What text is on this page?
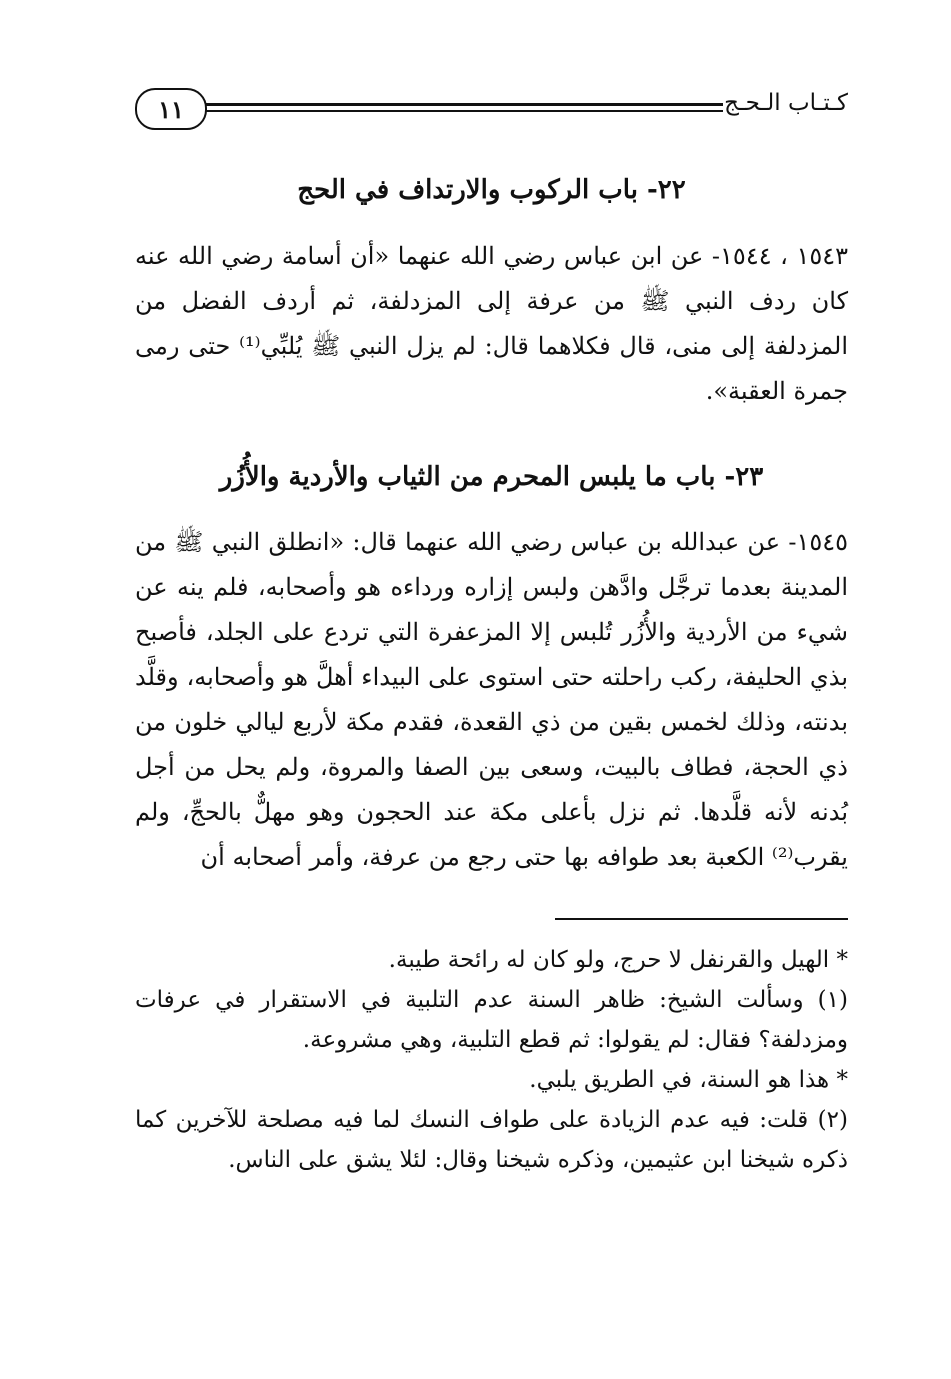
١١	كـتـاب الـحـج
٢٢- باب الركوب والارتداف في الحج

١٥٤٣ ، ١٥٤٤- عن ابن عباس رضي الله عنهما «أن أسامة رضي الله عنه كان ردف النبي ﷺ من عرفة إلى المزدلفة، ثم أردف الفضل من المزدلفة إلى منى، قال فكلاهما قال: لم يزل النبي ﷺ يُلبِّي⁽¹⁾ حتى رمى جمرة العقبة».

٢٣- باب ما يلبس المحرم من الثياب والأردية والأُزُر

١٥٤٥- عن عبدالله بن عباس رضي الله عنهما قال: «انطلق النبي ﷺ من المدينة بعدما ترجَّل وادَّهن ولبس إزاره ورداءه هو وأصحابه، فلم ينه عن شيء من الأردية والأُزُر تُلبس إلا المزعفرة التي تردع على الجلد، فأصبح بذي الحليفة، ركب راحلته حتى استوى على البيداء أهلَّ هو وأصحابه، وقلَّد بدنته، وذلك لخمس بقين من ذي القعدة، فقدم مكة لأربع ليالي خلون من ذي الحجة، فطاف بالبيت، وسعى بين الصفا والمروة، ولم يحل من أجل بُدنه لأنه قلَّدها. ثم نزل بأعلى مكة عند الحجون وهو مهلٌّ بالحجِّ، ولم يقرب⁽²⁾ الكعبة بعد طوافه بها حتى رجع من عرفة، وأمر أصحابه أن

* الهيل والقرنفل لا حرج، ولو كان له رائحة طيبة.

(١) وسألت الشيخ: ظاهر السنة عدم التلبية في الاستقرار في عرفات ومزدلفة؟ فقال: لم يقولوا: ثم قطع التلبية، وهي مشروعة.

* هذا هو السنة، في الطريق يلبي.

(٢) قلت: فيه عدم الزيادة على طواف النسك لما فيه مصلحة للآخرين كما ذكره شيخنا ابن عثيمين، وذكره شيخنا وقال: لئلا يشق على الناس.
